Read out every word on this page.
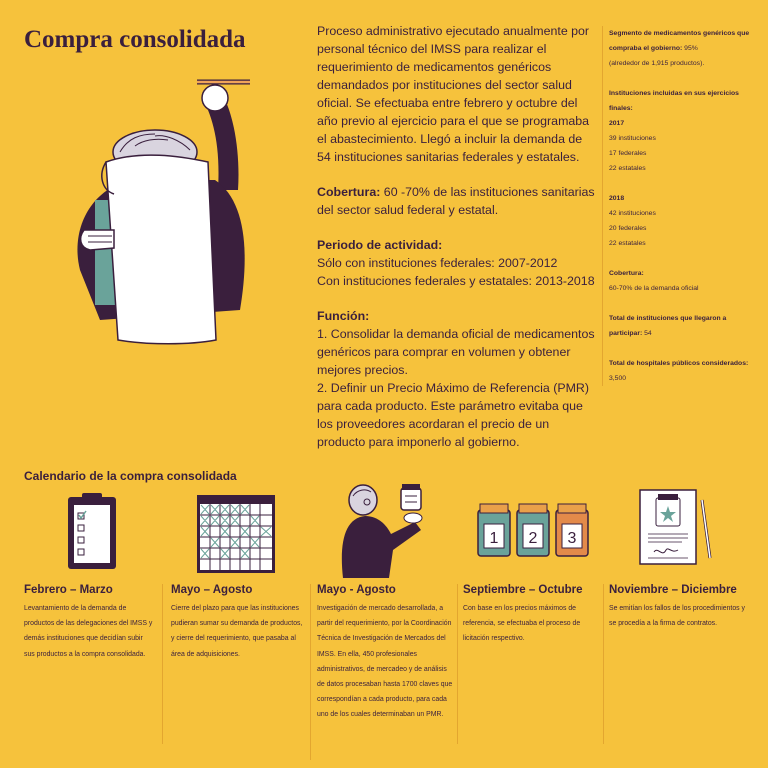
Compra consolidada	Proceso administrativo ejecutado anualmente por personal técnico del IMSS para realizar el requerimiento de medicamentos genéricos demandados por instituciones del sector salud oficial. Se efectuaba entre febrero y octubre del año previo al ejercicio para el que se programaba el abastecimiento. Llegó a incluir la demanda de 54 instituciones sanitarias federales y estatales.

Cobertura: 60 -70% de las instituciones sanitarias del sector salud federal y estatal.

Periodo de actividad:
Sólo con instituciones federales: 2007-2012
Con instituciones federales y estatales: 2013-2018

Función:
1. Consolidar la demanda oficial de medicamentos genéricos para comprar en volumen y obtener mejores precios.
2. Definir un Precio Máximo de Referencia (PMR) para cada producto. Este parámetro evitaba que los proveedores acordaran el precio de un producto para imponerlo al gobierno.

Segmento de medicamentos genéricos que compraba el gobierno: 95%
(alrededor de 1,915 productos).
Instituciones incluidas en sus ejercicios finales:
2017
39 instituciones
17 federales
22 estatales
2018
42 instituciones
20 federales
22 estatales
Cobertura:
60-70% de la demanda oficial
Total de instituciones que llegaron a participar: 54
Total de hospitales públicos considerados: 3,500
Calendario de la compra consolidada
1 2 3
Febrero – Marzo
Levantamiento de la demanda de productos de las delegaciones del IMSS y demás instituciones que decidían subir sus productos a la compra consolidada.
Mayo – Agosto
Cierre del plazo para que las instituciones pudieran sumar su demanda de productos, y cierre del requerimiento, que pasaba al área de adquisiciones.
Mayo - Agosto
Investigación de mercado desarrollada, a partir del requerimiento, por la Coordinación Técnica de Investigación de Mercados del IMSS. En ella, 450 profesionales administrativos, de mercadeo y de análisis de datos procesaban hasta 1700 claves que correspondían a cada producto, para cada uno de los cuales determinaban un PMR.
Septiembre – Octubre
Con base en los precios máximos de referencia, se efectuaba el proceso de licitación respectivo.
Noviembre – Diciembre
Se emitían los fallos de los procedimientos y se procedía a la firma de contratos.
